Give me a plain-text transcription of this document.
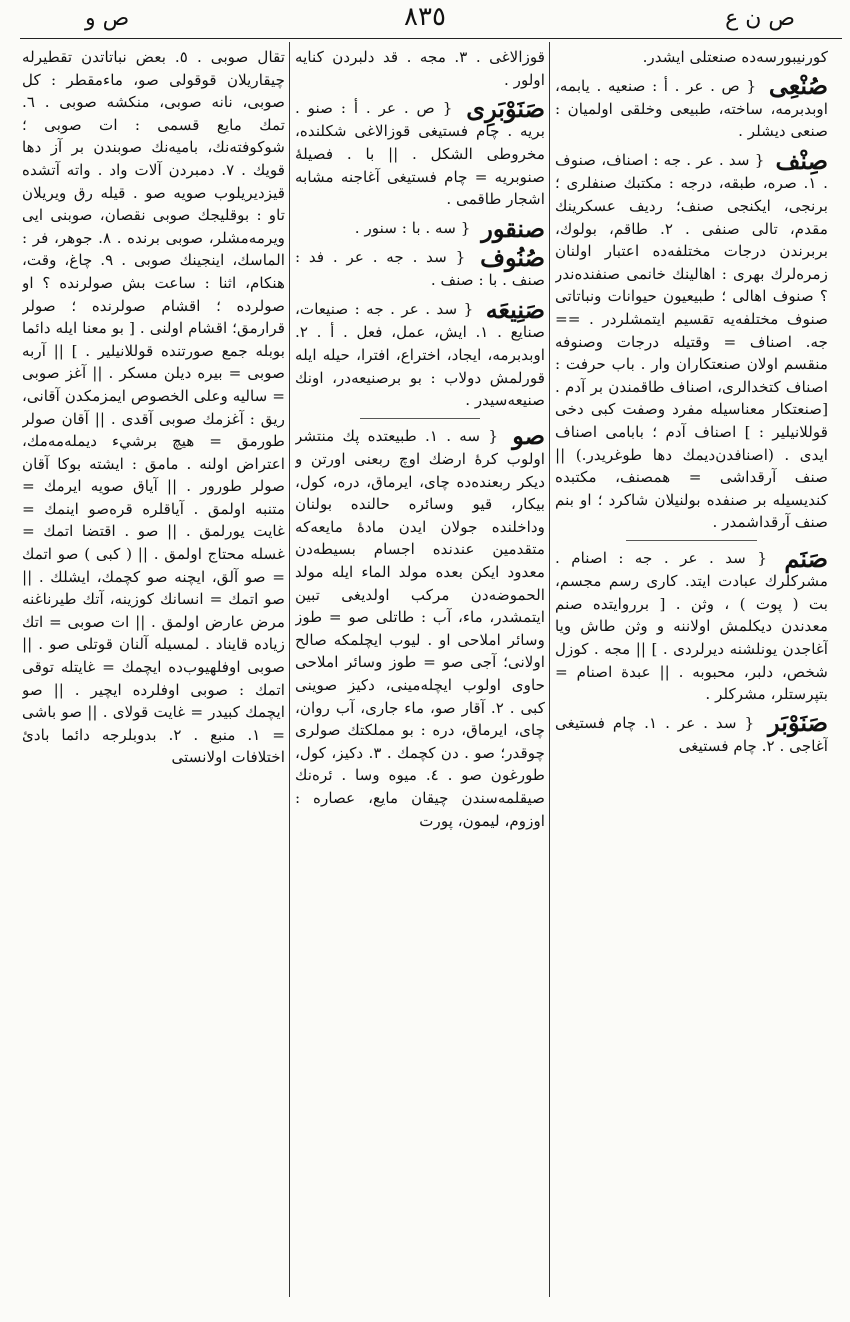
ص ن ع
٨٣٥
ص و
كورنيبورسه‌ده صنعتلی ايشدر.
صُنْعِی { ص . عر . أ : صنعيه . يابمه، اوبدبرمه، ساخته، طبيعی وخلقی اولميان : صنعی ديشلر .
صِنْف { سد . عر . جه : اصناف، صنوف . ١. صره، طبقه، درجه : مكتبك صنفلری ؛ برنجی، ايكنجی صنف؛ رديف عسكرينك مقدم، تالی صنفی . ٢. طاقم، بولوك، بربرندن درجات مختلفه‌ده اعتبار اولنان زمره‌لرك بهری : اهالينك خانمی صنفنده‌ندر ؟ صنوف اهالی ؛ طبيعيون حيوانات ونباتاتی صنوف مختلفه‌يه تقسيم ايتمشلردر . == جه. اصناف = وقتيله درجات وصنوفه منقسم اولان صنعتكاران وار . باب حرفت : اصناف كتخدالری، اصناف طاقمندن بر آدم . [صنعتكار معناسيله مفرد وصفت كبی دخی قوللانيلير : ] اصناف آدم ؛ بابامی اصناف ايدی . (اصنافدن‌ديمك دها طوغريدر.) || صنف آرقداشی = همصنف، مكتبده كنديسيله بر صنفده بولنيلان شاكرد ؛ او بنم صنف آرقداشمدر .
صَنَم { سد . عر . جه : اصنام . مشركلرك عبادت ايتد. كاری رسم مجسم، بت ( پوت ) ، وثن . [ برروايتده صنم معدندن ديكلمش اولاننه و وثن طاش ويا آغاجدن يونلشنه ديرلردی . ] || مجه . كوزل شخص، دلبر، محبوبه . || عبدة اصنام = بتپرستلر، مشركلر .
صَنَوْبَر { سد . عر . ١. چام فستيغی آغاجی . ٢. چام فستيغی
قوزالاغی . ٣. مجه . قد دلبردن كنايه اولور .
صَنَوْبَرِی { ص . عر . أ : صنو . بريه . چام فستيغی قوزالاغی شكلنده، مخروطی الشكل . || با . فصيلهٔ صنوبريه = چام فستيغی آغاجنه مشابه اشجار طاقمی .
صنقور { سه . با : سنور .
صُنُوف { سد . جه . عر . فد : صنف . با : صنف .
صَنِيعَه { سد . عر . جه : صنيعات، صنايع . ١. ايش، عمل، فعل . أ . ٢. اوبدبرمه، ايجاد، اختراع، افترا، حيله ايله قورلمش دولاب : بو برصنيعه‌در، اونك صنيعه‌سيدر .
صو { سه . ١. طبيعتده پك منتشر اولوب كرهٔ ارضك اوچ ربعنی اورتن و ديكر ربعنده‌ده چای، ايرماق، دره، كول، بيكار، قيو وسائره حالنده بولنان وداخلنده جولان ايدن مادهٔ مايعه‌كه متقدمين عندنده اجسام بسيطه‌دن معدود ايكن بعده مولد الماء ايله مولد الحموضه‌دن مركب اولديغی تبين ايتمشدر، ماء، آب : طاتلی صو = طوز وسائر املاحی او . ليوب ايچلمكه صالح اولانی؛ آجی صو = طوز وسائر املاحی حاوی اولوب ايچله‌مينی، دكيز صوينی كبی . ٢. آقار صو، ماء جاری، آب روان، چای، ايرماق، دره : بو مملكتك صولری چوقدر؛ صو . دن كچمك . ٣. دكيز، كول، طورغون صو . ٤. ميوه وسا . ئره‌نك صيقلمه‌سندن چيقان مايع، عصاره : اوزوم، ليمون، پورت
تقال صوبی . ٥. بعض نباتاتدن تقطيرله چيقاريلان قوقولی صو، ماءمقطر : كل صوبی، نانه صوبی، منكشه صوبی . ٦. تمك مايع قسمی : ات صوبی ؛ شوكوفته‌نك، باميه‌نك صوبندن بر آز دها قويك . ٧. دمبردن آلات واد . واته آتشده قيزديريلوب صويه صو . قيله رق ويريلان تاو : بوقليجك صوبی نقصان، صوبنی ايی ويرمه‌مشلر، صوبی برنده . ٨. جوهر، فر : الماسك، اينجينك صوبی . ٩. چاغ، وقت، هنكام، اثنا : ساعت بش صولرنده ؟ او صولرده ؛ اقشام صولرنده ؛ صولر قرارمق؛ اقشام اولنی . [ بو معنا ايله دائما بوبله جمع صورتنده قوللانيلير . ] || آربه صوبی = بيره ديلن مسكر . || آغز صوبی = ساليه وعلی الخصوص ايمزمكدن آقانی، ريق : آغزمك صوبی آقدی . || آقان صولر طورمق = هيچ برشيء ديمله‌مه‌مك، اعتراض اولنه . مامق : ايشته بوكا آقان صولر طورور . || آياق صويه ايرمك = متنبه اولمق . آياقلره قره‌صو اينمك = غايت يورلمق . || صو . اقتضا اتمك = غسله محتاج اولمق . || ( كبی ) صو اتمك = صو آلق، ايچنه صو كچمك، ايشلك . || صو اتمك = انسانك كوزينه، آتك طيرناغنه مرض عارض اولمق . || ات صوبی = اتك زياده قايناد . لمسيله آلنان قوتلی صو . || صوبی اوفلهيوب‌ده ايچمك = غايتله توقی اتمك : صوبی اوفلرده ايچير . || صو ايچمك كبيدر = غايت قولای . || صو باشی = ١. منبع . ٢. بدوبلرجه دائما بادئ اختلافات اولانستی
